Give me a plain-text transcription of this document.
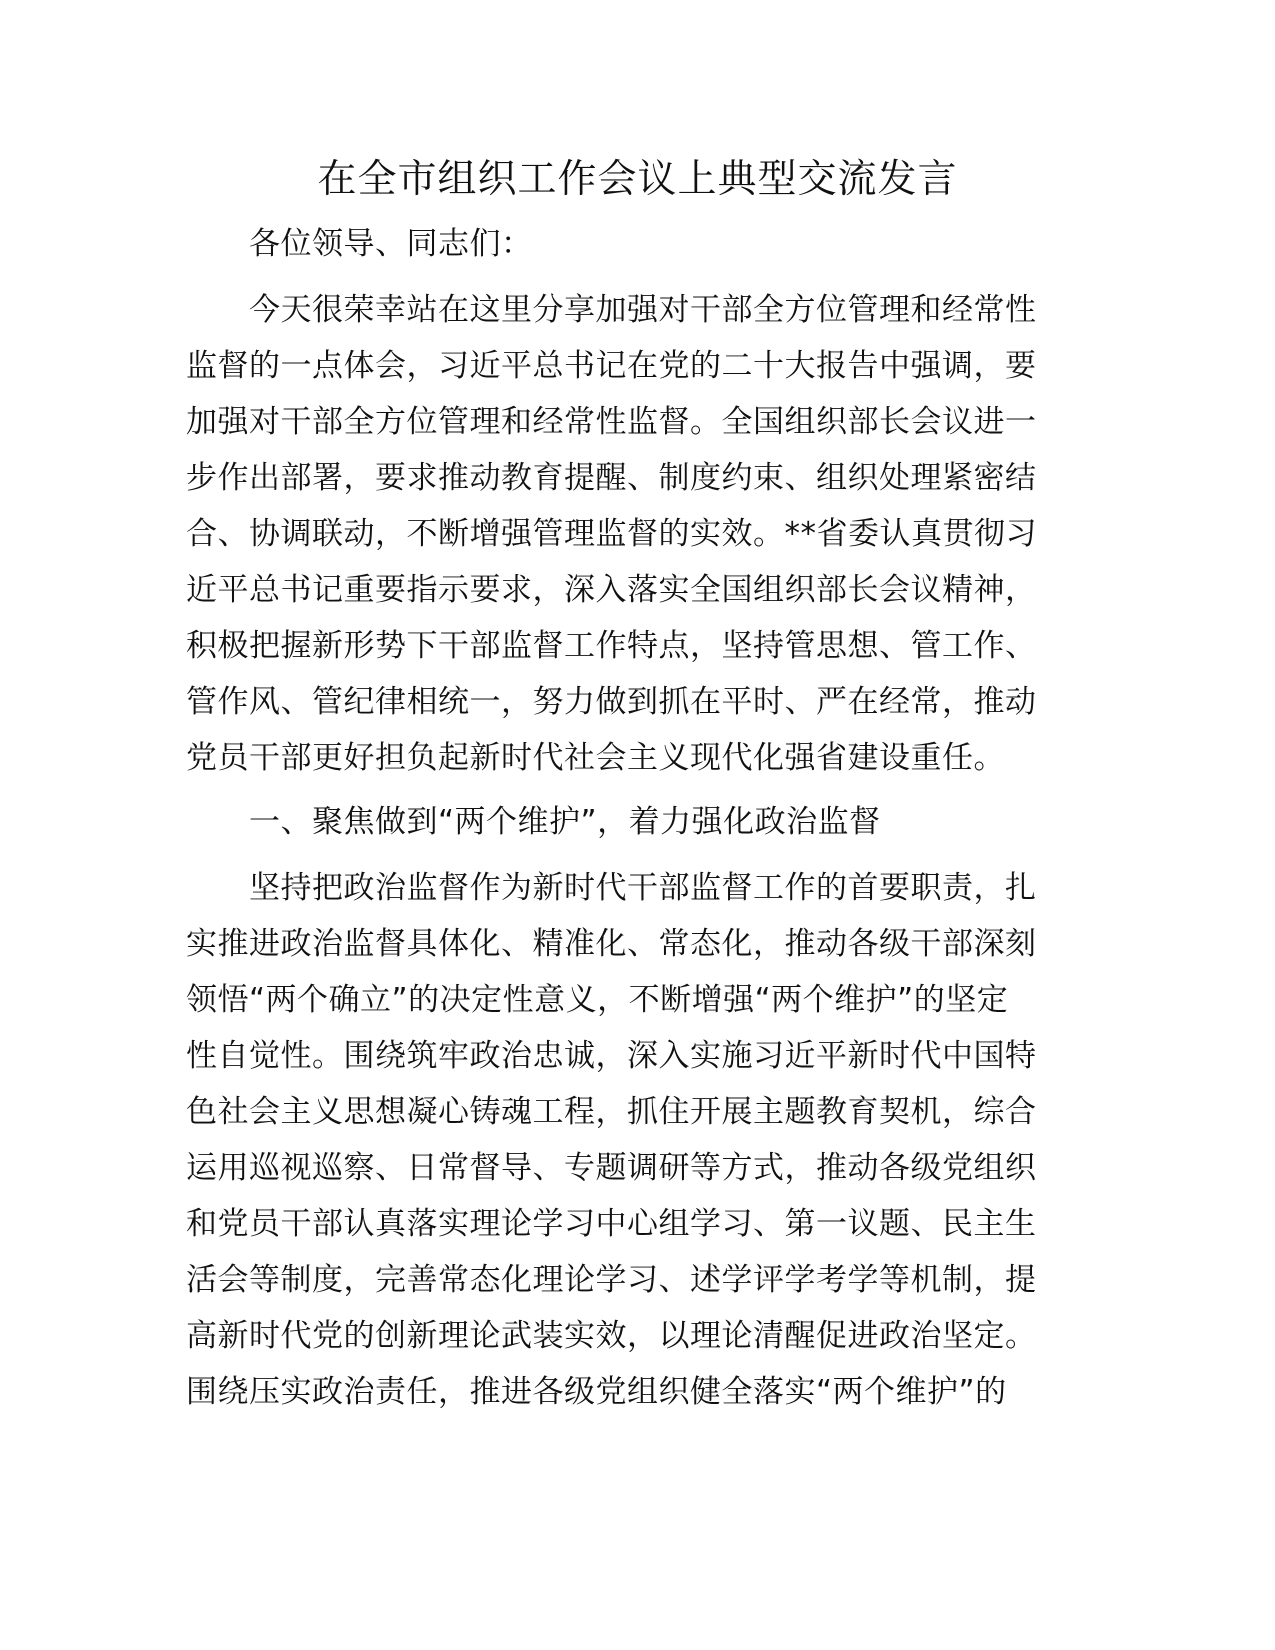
在全市组织工作会议上典型交流发言
各位领导、同志们：
今天很荣幸站在这里分享加强对干部全方位管理和经常性
监督的一点体会，习近平总书记在党的二十大报告中强调，要
加强对干部全方位管理和经常性监督。全国组织部长会议进一
步作出部署，要求推动教育提醒、制度约束、组织处理紧密结
合、协调联动，不断增强管理监督的实效。**省委认真贯彻习
近平总书记重要指示要求，深入落实全国组织部长会议精神，
积极把握新形势下干部监督工作特点，坚持管思想、管工作、
管作风、管纪律相统一，努力做到抓在平时、严在经常，推动
党员干部更好担负起新时代社会主义现代化强省建设重任。
一、聚焦做到“两个维护”，着力强化政治监督
坚持把政治监督作为新时代干部监督工作的首要职责，扎
实推进政治监督具体化、精准化、常态化，推动各级干部深刻
领悟“两个确立”的决定性意义，不断增强“两个维护”的坚定
性自觉性。围绕筑牢政治忠诚，深入实施习近平新时代中国特
色社会主义思想凝心铸魂工程，抓住开展主题教育契机，综合
运用巡视巡察、日常督导、专题调研等方式，推动各级党组织
和党员干部认真落实理论学习中心组学习、第一议题、民主生
活会等制度，完善常态化理论学习、述学评学考学等机制，提
高新时代党的创新理论武装实效，以理论清醒促进政治坚定。
围绕压实政治责任，推进各级党组织健全落实“两个维护”的
